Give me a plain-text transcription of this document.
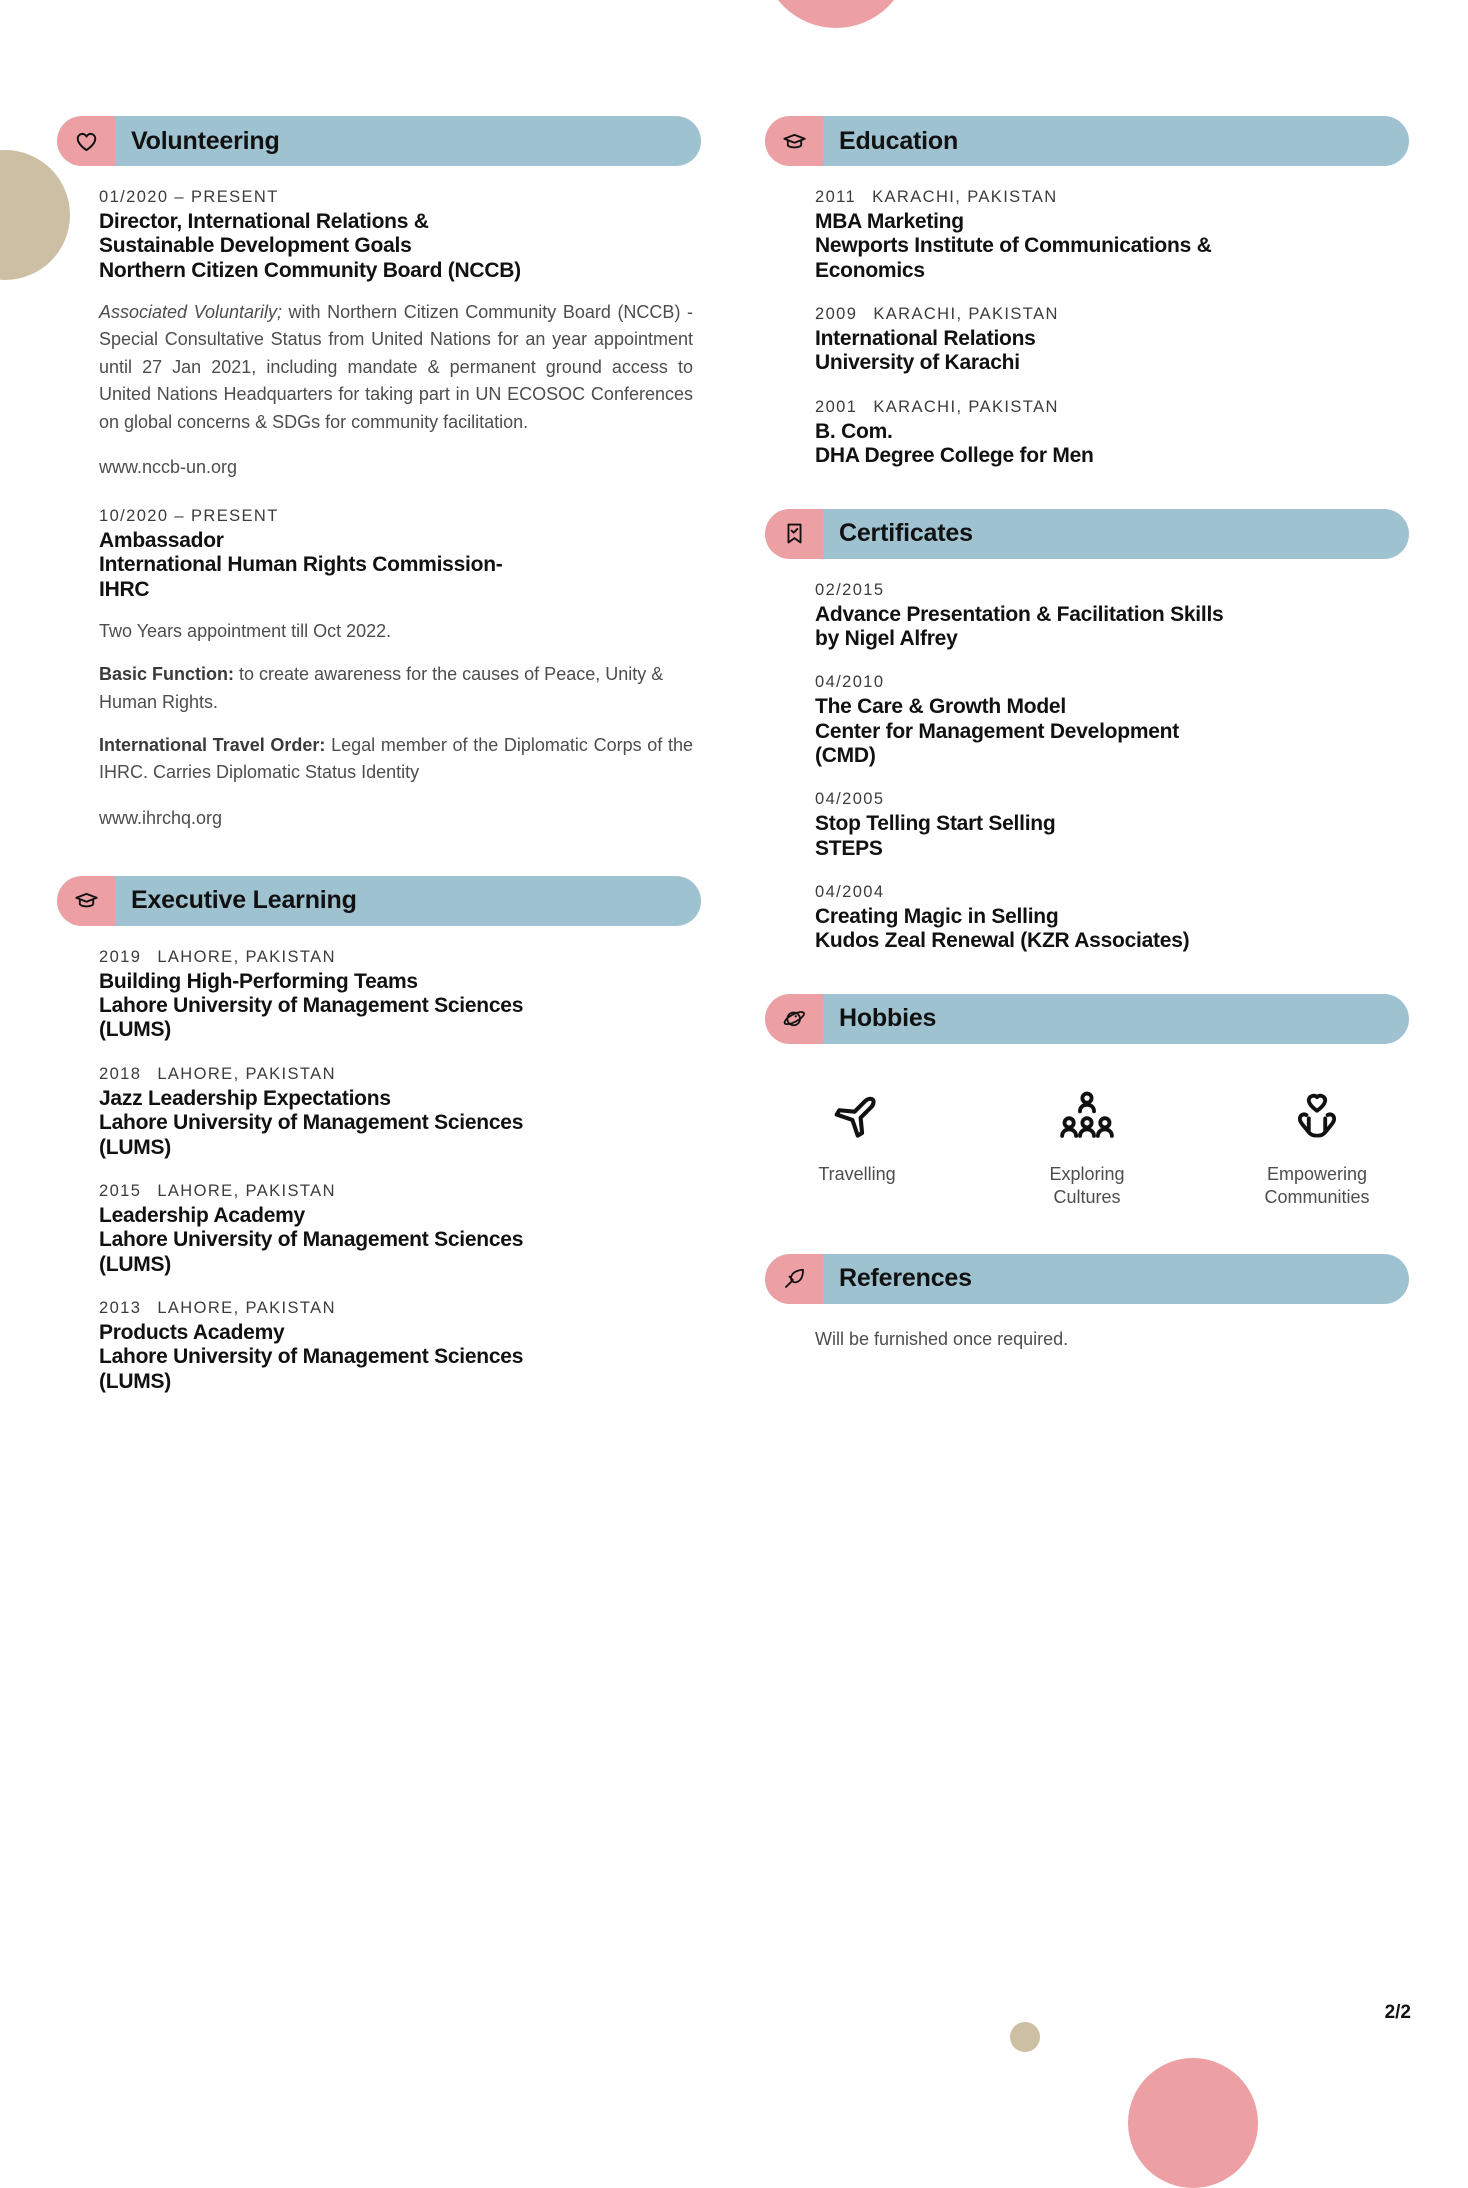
Volunteering
01/2020 – PRESENT
Director, International Relations &
Sustainable Development Goals
Northern Citizen Community Board (NCCB)
Associated Voluntarily; with Northern Citizen Community Board (NCCB) - Special Consultative Status from United Nations for an year appointment until 27 Jan 2021, including mandate & permanent ground access to United Nations Headquarters for taking part in UN ECOSOC Conferences on global concerns & SDGs for community facilitation.
www.nccb-un.org
10/2020 – PRESENT
Ambassador
International Human Rights Commission-
IHRC
Two Years appointment till Oct 2022.
Basic Function: to create awareness for the causes of Peace, Unity & Human Rights.
International Travel Order: Legal member of the Diplomatic Corps of the IHRC. Carries Diplomatic Status Identity
www.ihrchq.org
Executive Learning
2019 LAHORE, PAKISTAN
Building High-Performing Teams
Lahore University of Management Sciences
(LUMS)
2018 LAHORE, PAKISTAN
Jazz Leadership Expectations
Lahore University of Management Sciences
(LUMS)
2015 LAHORE, PAKISTAN
Leadership Academy
Lahore University of Management Sciences
(LUMS)
2013 LAHORE, PAKISTAN
Products Academy
Lahore University of Management Sciences
(LUMS)
Education
2011 KARACHI, PAKISTAN
MBA Marketing
Newports Institute of Communications &
Economics
2009 KARACHI, PAKISTAN
International Relations
University of Karachi
2001 KARACHI, PAKISTAN
B. Com.
DHA Degree College for Men
Certificates
02/2015
Advance Presentation & Facilitation Skills
by Nigel Alfrey
04/2010
The Care & Growth Model
Center for Management Development
(CMD)
04/2005
Stop Telling Start Selling
STEPS
04/2004
Creating Magic in Selling
Kudos Zeal Renewal (KZR Associates)
Hobbies
Travelling	Exploring
Cultures
Empowering
Communities
References
Will be furnished once required.
2/2
